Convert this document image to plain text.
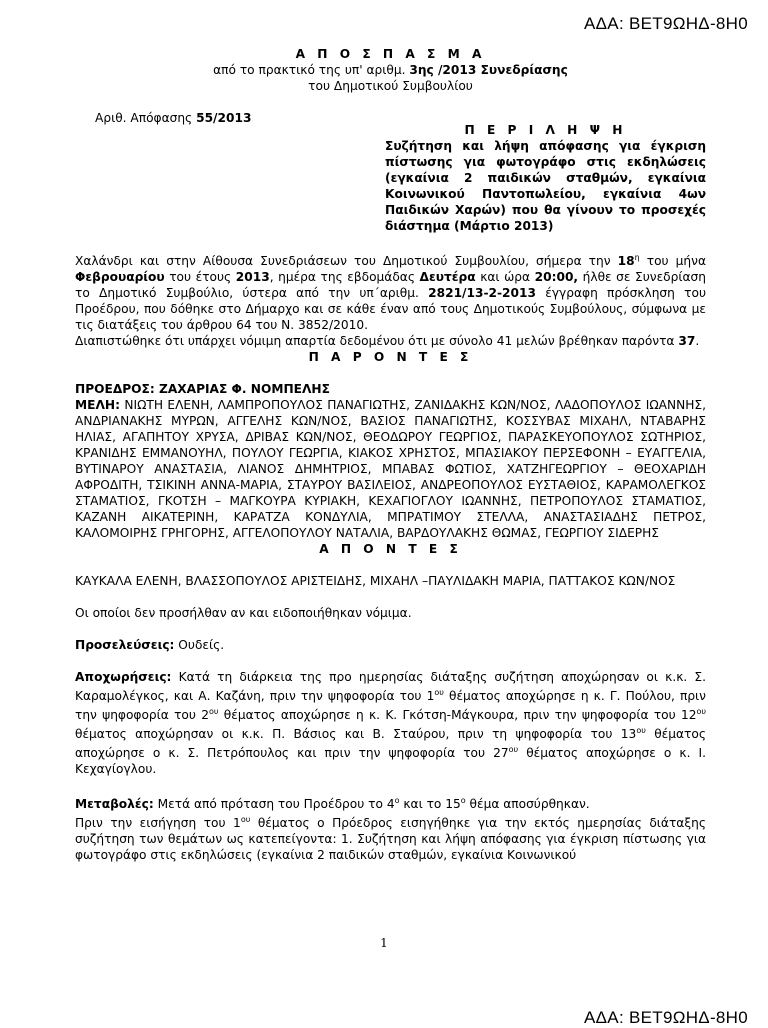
ΑΔΑ: ΒΕΤ9ΩΗΔ-8Η0
Α Π Ο Σ Π Α Σ Μ Α
από το πρακτικό της υπ' αριθμ. 3ης /2013 Συνεδρίασης
του Δημοτικού Συμβουλίου
Αριθ. Απόφασης 55/2013
Π Ε Ρ Ι Λ Η Ψ Η
Συζήτηση και λήψη απόφασης για έγκριση πίστωσης για φωτογράφο στις εκδηλώσεις (εγκαίνια 2 παιδικών σταθμών, εγκαίνια Κοινωνικού Παντοπωλείου, εγκαίνια 4ων Παιδικών Χαρών) που θα γίνουν το προσεχές διάστημα (Μάρτιο 2013)

Χαλάνδρι και στην Αίθουσα Συνεδριάσεων του Δημοτικού Συμβουλίου, σήμερα την $18^\eta$ του μήνα Φεβρουαρίου του έτους 2013, ημέρα της εβδομάδας Δευτέρα και ώρα 20:00, ήλθε σε Συνεδρίαση το Δημοτικό Συμβούλιο, ύστερα από την υπ΄αριθμ. 2821/13-2-2013 έγγραφη πρόσκληση του Προέδρου, που δόθηκε στο Δήμαρχο και σε κάθε έναν από τους Δημοτικούς Συμβούλους, σύμφωνα με τις διατάξεις του άρθρου 64 του Ν. 3852/2010.

Διαπιστώθηκε ότι υπάρχει νόμιμη απαρτία δεδομένου ότι με σύνολο 41 μελών βρέθηκαν παρόντα 37.

Π Α Ρ Ο Ν Τ Ε Σ

ΠΡΟΕΔΡΟΣ: ΖΑΧΑΡΙΑΣ Φ. ΝΟΜΠΕΛΗΣ

ΜΕΛΗ: ΝΙΩΤΗ ΕΛΕΝΗ, ΛΑΜΠΡΟΠΟΥΛΟΣ ΠΑΝΑΓΙΩΤΗΣ, ΖΑΝΙΔΑΚΗΣ ΚΩΝ/ΝΟΣ, ΛΑΔΟΠΟΥΛΟΣ ΙΩΑΝΝΗΣ, ΑΝΔΡΙΑΝΑΚΗΣ ΜΥΡΩΝ, ΑΓΓΕΛΗΣ ΚΩΝ/ΝΟΣ, ΒΑΣΙΟΣ ΠΑΝΑΓΙΩΤΗΣ, ΚΟΣΣΥΒΑΣ ΜΙΧΑΗΛ, ΝΤΑΒΑΡΗΣ ΗΛΙΑΣ, ΑΓΑΠΗΤΟΥ ΧΡΥΣΑ, ΔΡΙΒΑΣ ΚΩΝ/ΝΟΣ, ΘΕΟΔΩΡΟΥ ΓΕΩΡΓΙΟΣ, ΠΑΡΑΣΚΕΥΟΠΟΥΛΟΣ ΣΩΤΗΡΙΟΣ, ΚΡΑΝΙΔΗΣ ΕΜΜΑΝΟΥΗΛ, ΠΟΥΛΟΥ ΓΕΩΡΓΙΑ, ΚΙΑΚΟΣ ΧΡΗΣΤΟΣ, ΜΠΑΣΙΑΚΟΥ ΠΕΡΣΕΦΟΝΗ – ΕΥΑΓΓΕΛΙΑ, ΒΥΤΙΝΑΡΟΥ ΑΝΑΣΤΑΣΙΑ, ΛΙΑΝΟΣ ΔΗΜΗΤΡΙΟΣ, ΜΠΑΒΑΣ ΦΩΤΙΟΣ, ΧΑΤΖΗΓΕΩΡΓΙΟΥ – ΘΕΟΧΑΡΙΔΗ ΑΦΡΟΔΙΤΗ, ΤΣΙΚΙΝΗ ΑΝΝΑ-ΜΑΡΙΑ, ΣΤΑΥΡΟΥ ΒΑΣΙΛΕΙΟΣ, ΑΝΔΡΕΟΠΟΥΛΟΣ ΕΥΣΤΑΘΙΟΣ, ΚΑΡΑΜΟΛΕΓΚΟΣ ΣΤΑΜΑΤΙΟΣ, ΓΚΟΤΣΗ – ΜΑΓΚΟΥΡΑ ΚΥΡΙΑΚΗ, ΚΕΧΑΓΙΟΓΛΟΥ ΙΩΑΝΝΗΣ, ΠΕΤΡΟΠΟΥΛΟΣ ΣΤΑΜΑΤΙΟΣ, ΚΑΖΑΝΗ ΑΙΚΑΤΕΡΙΝΗ, ΚΑΡΑΤΖΑ ΚΟΝΔΥΛΙΑ, ΜΠΡΑΤΙΜΟΥ ΣΤΕΛΛΑ, ΑΝΑΣΤΑΣΙΑΔΗΣ ΠΕΤΡΟΣ, ΚΑΛΟΜΟΙΡΗΣ ΓΡΗΓΟΡΗΣ, ΑΓΓΕΛΟΠΟΥΛΟΥ ΝΑΤΑΛΙΑ, ΒΑΡΔΟΥΛΑΚΗΣ ΘΩΜΑΣ, ΓΕΩΡΓΙΟΥ ΣΙΔΕΡΗΣ

Α Π Ο Ν Τ Ε Σ

ΚΑΥΚΑΛΑ ΕΛΕΝΗ, ΒΛΑΣΣΟΠΟΥΛΟΣ ΑΡΙΣΤΕΙΔΗΣ, ΜΙΧΑΗΛ –ΠΑΥΛΙΔΑΚΗ ΜΑΡΙΑ, ΠΑΤΤΑΚΟΣ ΚΩΝ/ΝΟΣ

Οι οποίοι δεν προσήλθαν αν και ειδοποιήθηκαν νόμιμα.

Προσελεύσεις: Ουδείς.

Αποχωρήσεις: Κατά τη διάρκεια της προ ημερησίας διάταξης συζήτηση αποχώρησαν οι κ.κ. Σ. Καραμολέγκος, και Α. Καζάνη, πριν την ψηφοφορία του $1^{o\upsilon}$ θέματος αποχώρησε η κ. Γ. Πούλου, πριν την ψηφοφορία του $2^{o\upsilon}$ θέματος αποχώρησε η κ. Κ. Γκότση-Μάγκουρα, πριν την ψηφοφορία του $12^{o\upsilon}$ θέματος αποχώρησαν οι κ.κ. Π. Βάσιος και Β. Σταύρου, πριν τη ψηφοφορία του $13^{o\upsilon}$ θέματος αποχώρησε ο κ. Σ. Πετρόπουλος και πριν την ψηφοφορία του $27^{o\upsilon}$ θέματος αποχώρησε ο κ. Ι. Κεχαγίογλου.

Μεταβολές: Μετά από πρόταση του Προέδρου το $4^o$ και το $15^o$ θέμα αποσύρθηκαν.

Πριν την εισήγηση του $1^{o\upsilon}$ θέματος ο Πρόεδρος εισηγήθηκε για την εκτός ημερησίας διάταξης συζήτηση των θεμάτων ως κατεπείγοντα: 1. Συζήτηση και λήψη απόφασης για έγκριση πίστωσης για φωτογράφο στις εκδηλώσεις (εγκαίνια 2 παιδικών σταθμών, εγκαίνια Κοινωνικού

1
ΑΔΑ: ΒΕΤ9ΩΗΔ-8Η0
